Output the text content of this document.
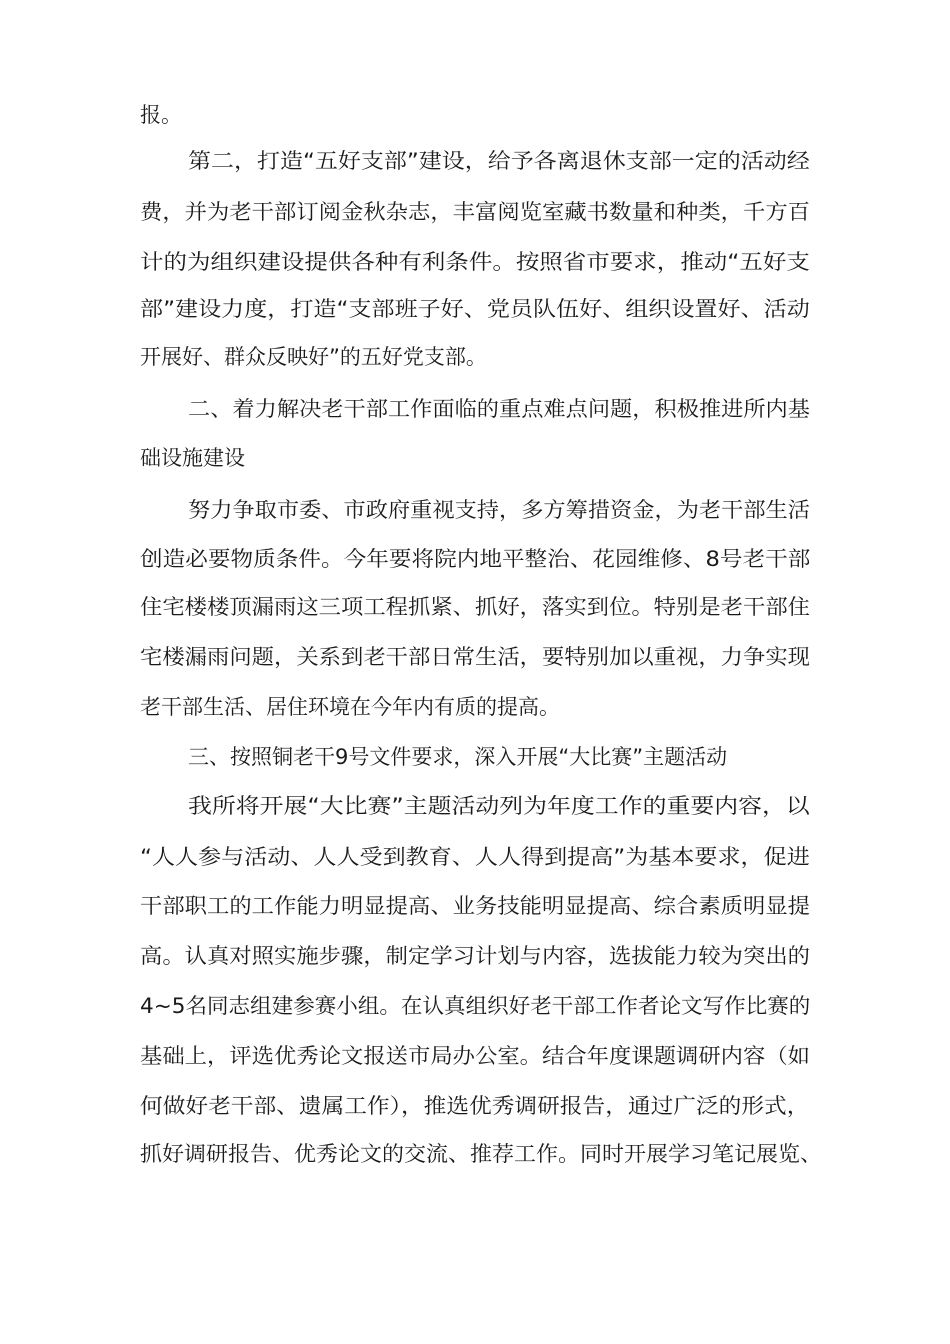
报。

第二，打造“五好支部”建设，给予各离退休支部一定的活动经

费，并为老干部订阅金秋杂志，丰富阅览室藏书数量和种类，千方百

计的为组织建设提供各种有利条件。按照省市要求，推动“五好支

部”建设力度，打造“支部班子好、党员队伍好、组织设置好、活动

开展好、群众反映好”的五好党支部。

二、着力解决老干部工作面临的重点难点问题，积极推进所内基

础设施建设

努力争取市委、市政府重视支持，多方筹措资金，为老干部生活

创造必要物质条件。今年要将院内地平整治、花园维修、8号老干部

住宅楼楼顶漏雨这三项工程抓紧、抓好，落实到位。特别是老干部住

宅楼漏雨问题，关系到老干部日常生活，要特别加以重视，力争实现

老干部生活、居住环境在今年内有质的提高。

三、按照铜老干9号文件要求，深入开展“大比赛”主题活动

我所将开展“大比赛”主题活动列为年度工作的重要内容，以

“人人参与活动、人人受到教育、人人得到提高”为基本要求，促进

干部职工的工作能力明显提高、业务技能明显提高、综合素质明显提

高。认真对照实施步骤，制定学习计划与内容，选拔能力较为突出的

4~5名同志组建参赛小组。在认真组织好老干部工作者论文写作比赛的

基础上，评选优秀论文报送市局办公室。结合年度课题调研内容（如

何做好老干部、遗属工作），推选优秀调研报告，通过广泛的形式，

抓好调研报告、优秀论文的交流、推荐工作。同时开展学习笔记展览、
